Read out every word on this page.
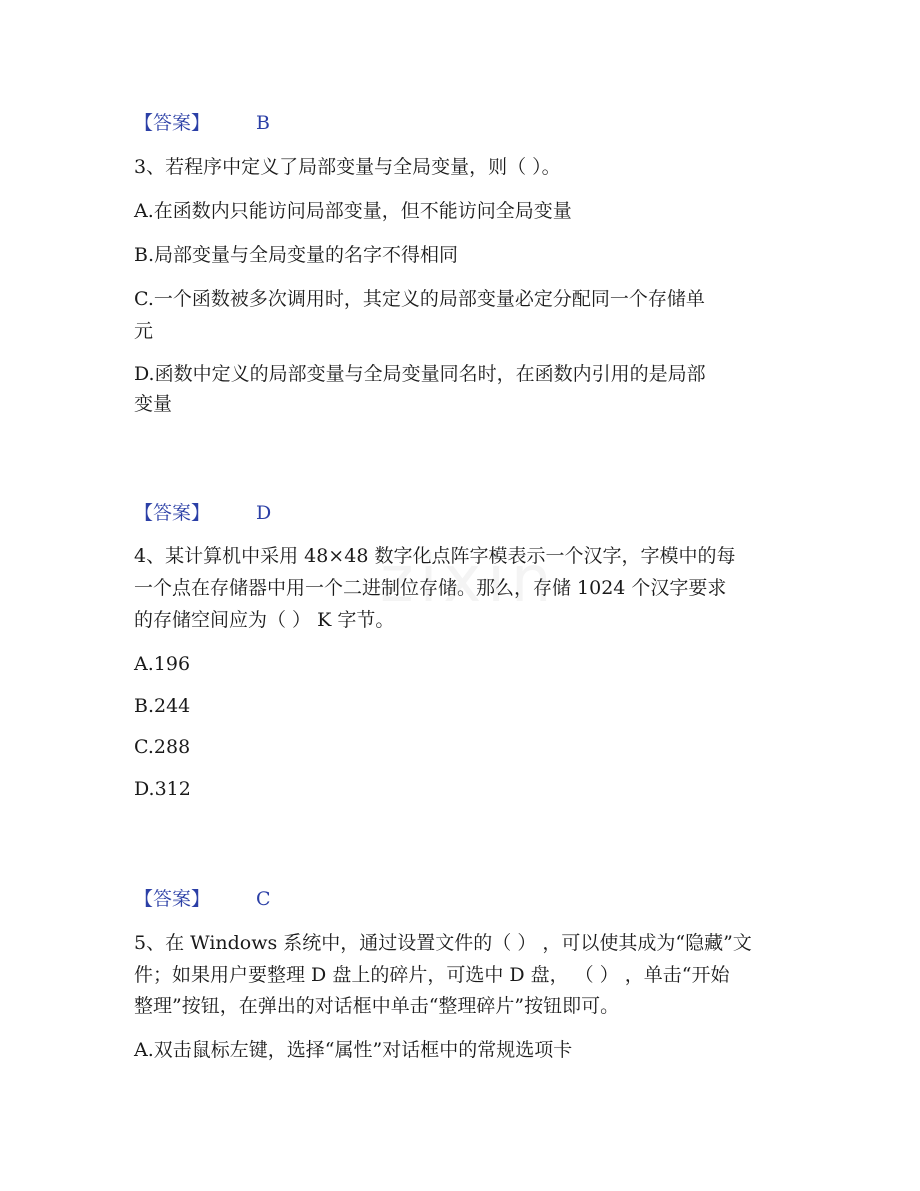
zixin
【答案】 B
3、若程序中定义了局部变量与全局变量，则（ ）。
A.在函数内只能访问局部变量，但不能访问全局变量
B.局部变量与全局变量的名字不得相同
C.一个函数被多次调用时，其定义的局部变量必定分配同一个存储单
元
D.函数中定义的局部变量与全局变量同名时，在函数内引用的是局部
变量
【答案】 D
4、某计算机中采用 48×48 数字化点阵字模表示一个汉字，字模中的每
一个点在存储器中用一个二进制位存储。那么，存储 1024 个汉字要求
的存储空间应为（ ） K 字节。
A.196
B.244
C.288
D.312
【答案】 C
5、在 Windows 系统中，通过设置文件的（ ） ，可以使其成为“隐藏”文
件；如果用户要整理 D 盘上的碎片，可选中 D 盘， （ ） ，单击“开始
整理”按钮，在弹出的对话框中单击“整理碎片”按钮即可。
A.双击鼠标左键，选择“属性”对话框中的常规选项卡
